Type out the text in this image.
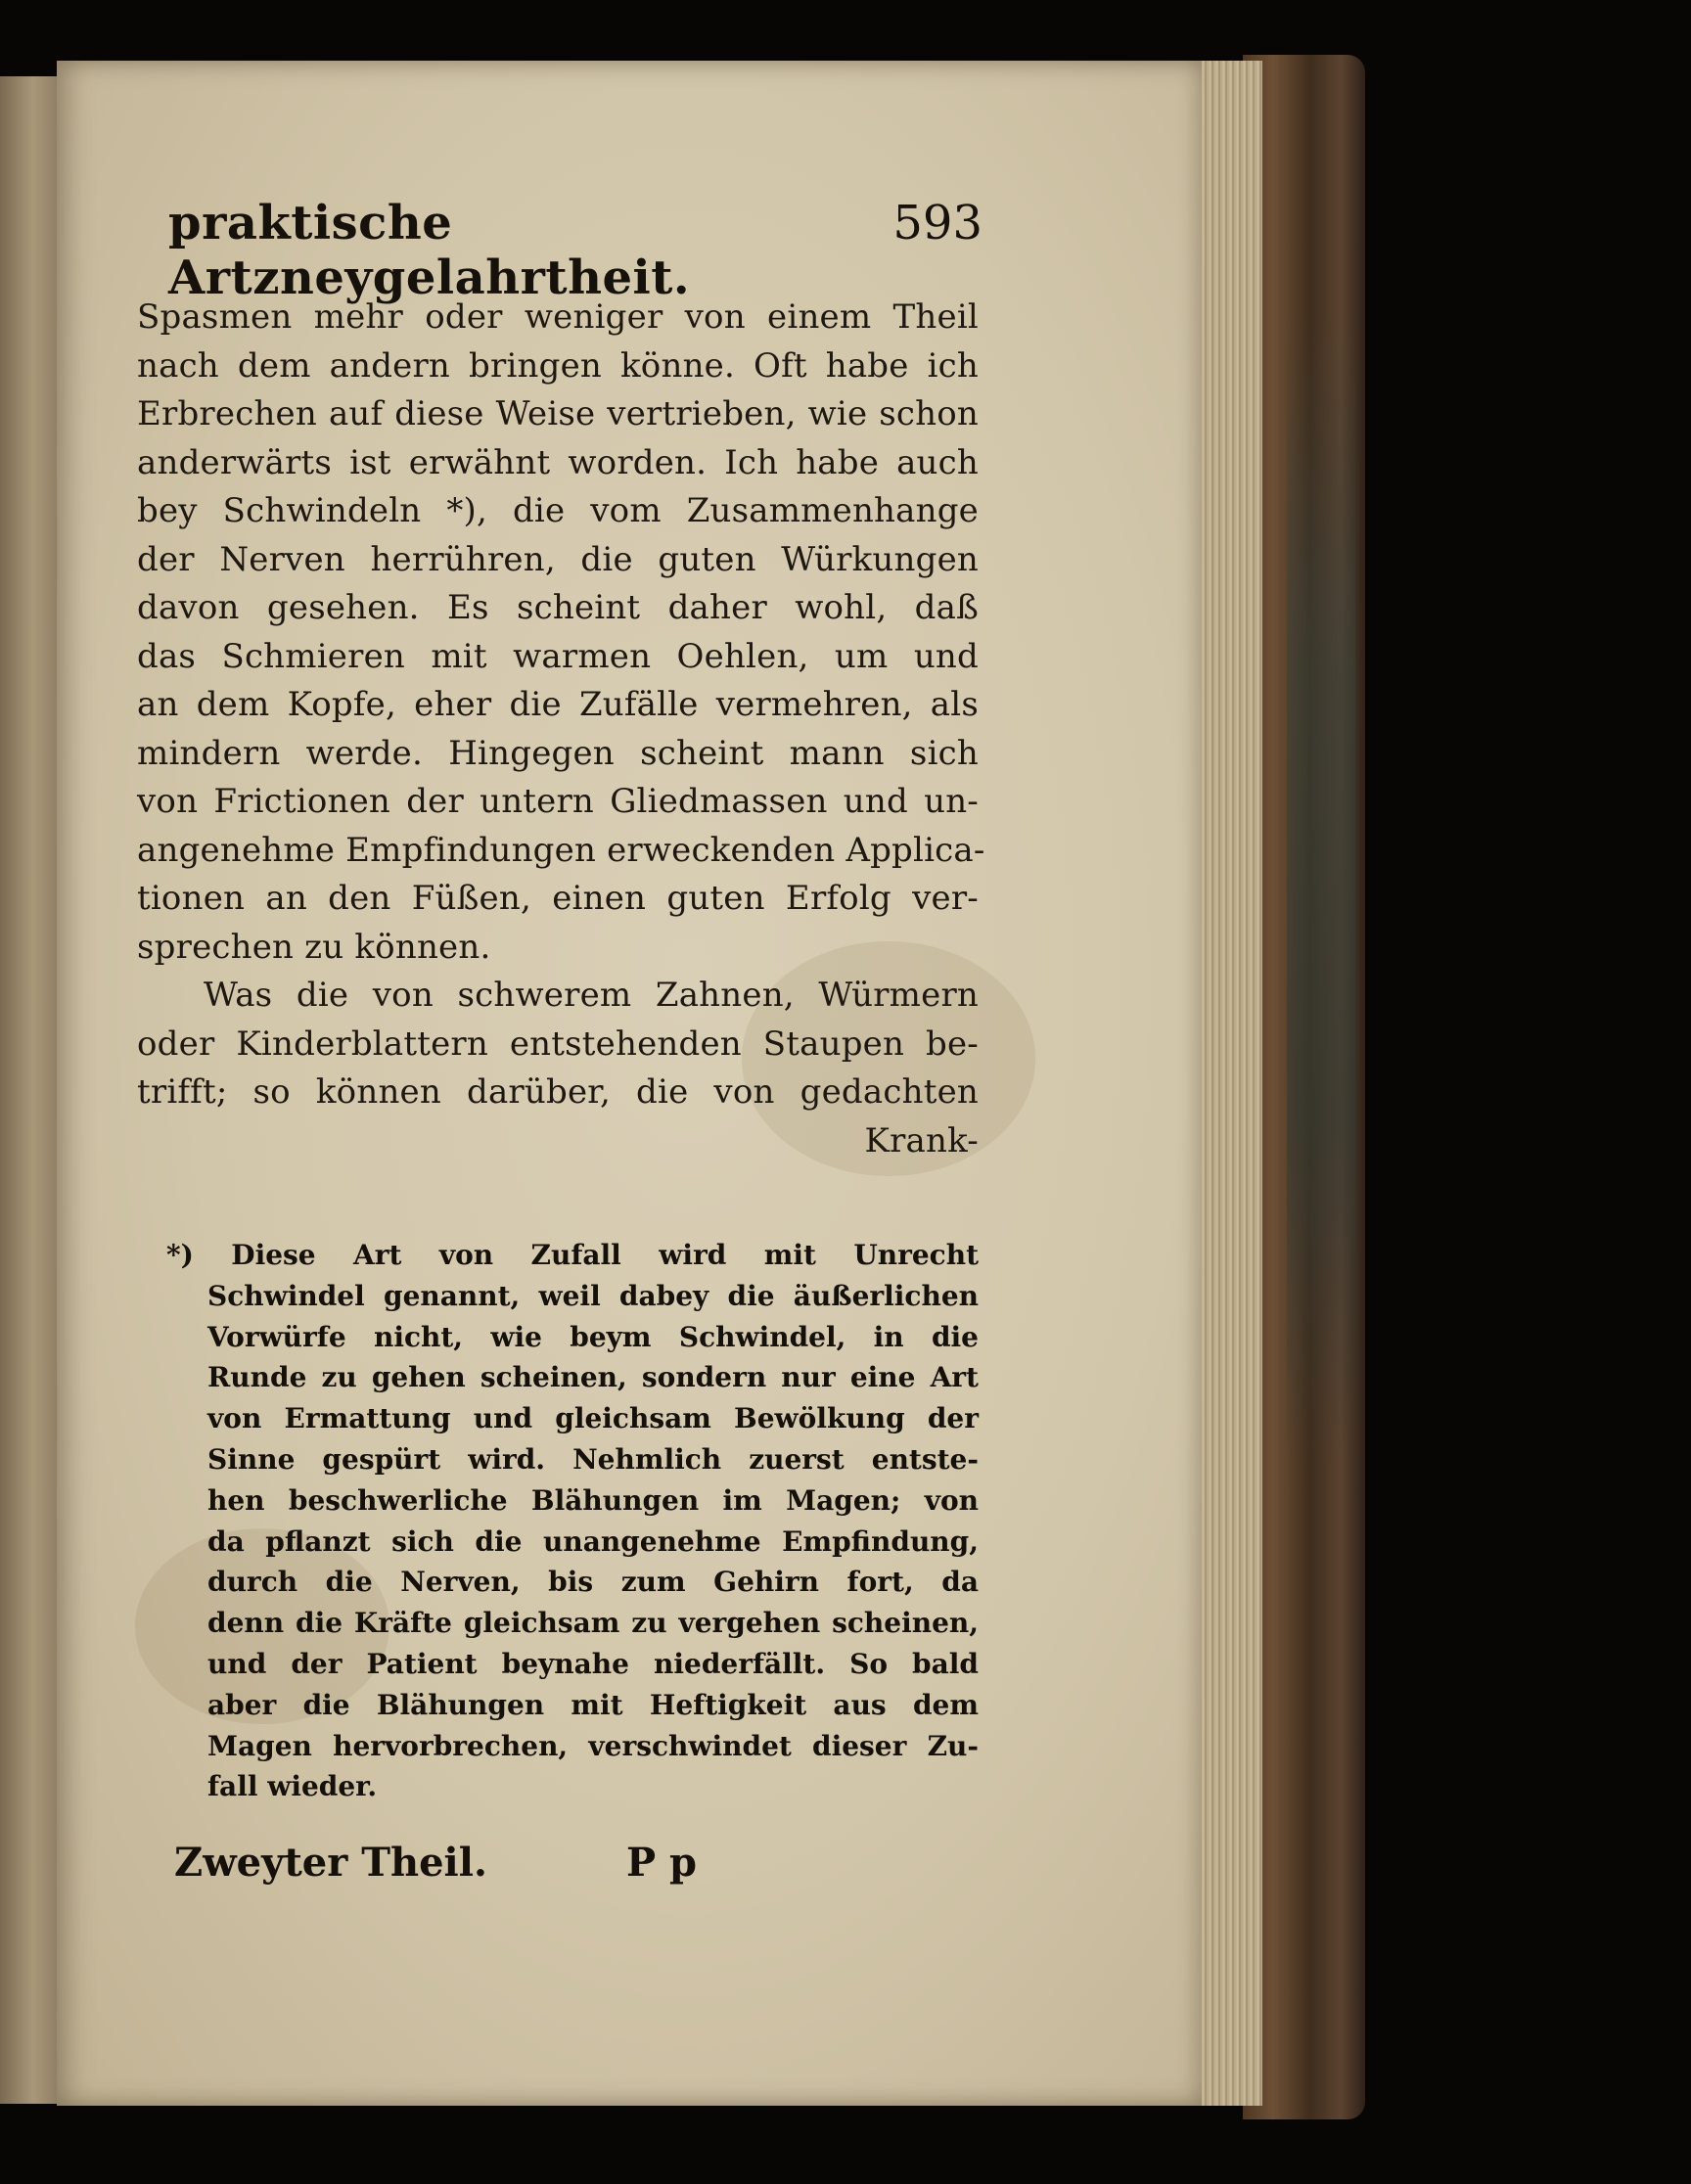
praktische Artzneygelahrtheit.
593
Spasmen mehr oder weniger von einem Theil
nach dem andern bringen könne. Oft habe ich
Erbrechen auf diese Weise vertrieben, wie schon
anderwärts ist erwähnt worden. Ich habe auch
bey Schwindeln *), die vom Zusammenhange
der Nerven herrühren, die guten Würkungen
davon gesehen. Es scheint daher wohl, daß
das Schmieren mit warmen Oehlen, um und
an dem Kopfe, eher die Zufälle vermehren, als
mindern werde. Hingegen scheint mann sich
von Frictionen der untern Gliedmassen und un-
angenehme Empfindungen erweckenden Applica-
tionen an den Füßen, einen guten Erfolg ver-
sprechen zu können.
Was die von schwerem Zahnen, Würmern
oder Kinderblattern entstehenden Staupen be-
trifft; so können darüber, die von gedachten
Krank-
*) Diese Art von Zufall wird mit Unrecht
Schwindel genannt, weil dabey die äußerlichen
Vorwürfe nicht, wie beym Schwindel, in die
Runde zu gehen scheinen, sondern nur eine Art
von Ermattung und gleichsam Bewölkung der
Sinne gespürt wird. Nehmlich zuerst entste-
hen beschwerliche Blähungen im Magen; von
da pflanzt sich die unangenehme Empfindung,
durch die Nerven, bis zum Gehirn fort, da
denn die Kräfte gleichsam zu vergehen scheinen,
und der Patient beynahe niederfällt. So bald
aber die Blähungen mit Heftigkeit aus dem
Magen hervorbrechen, verschwindet dieser Zu-
fall wieder.
Zweyter Theil.	P p
